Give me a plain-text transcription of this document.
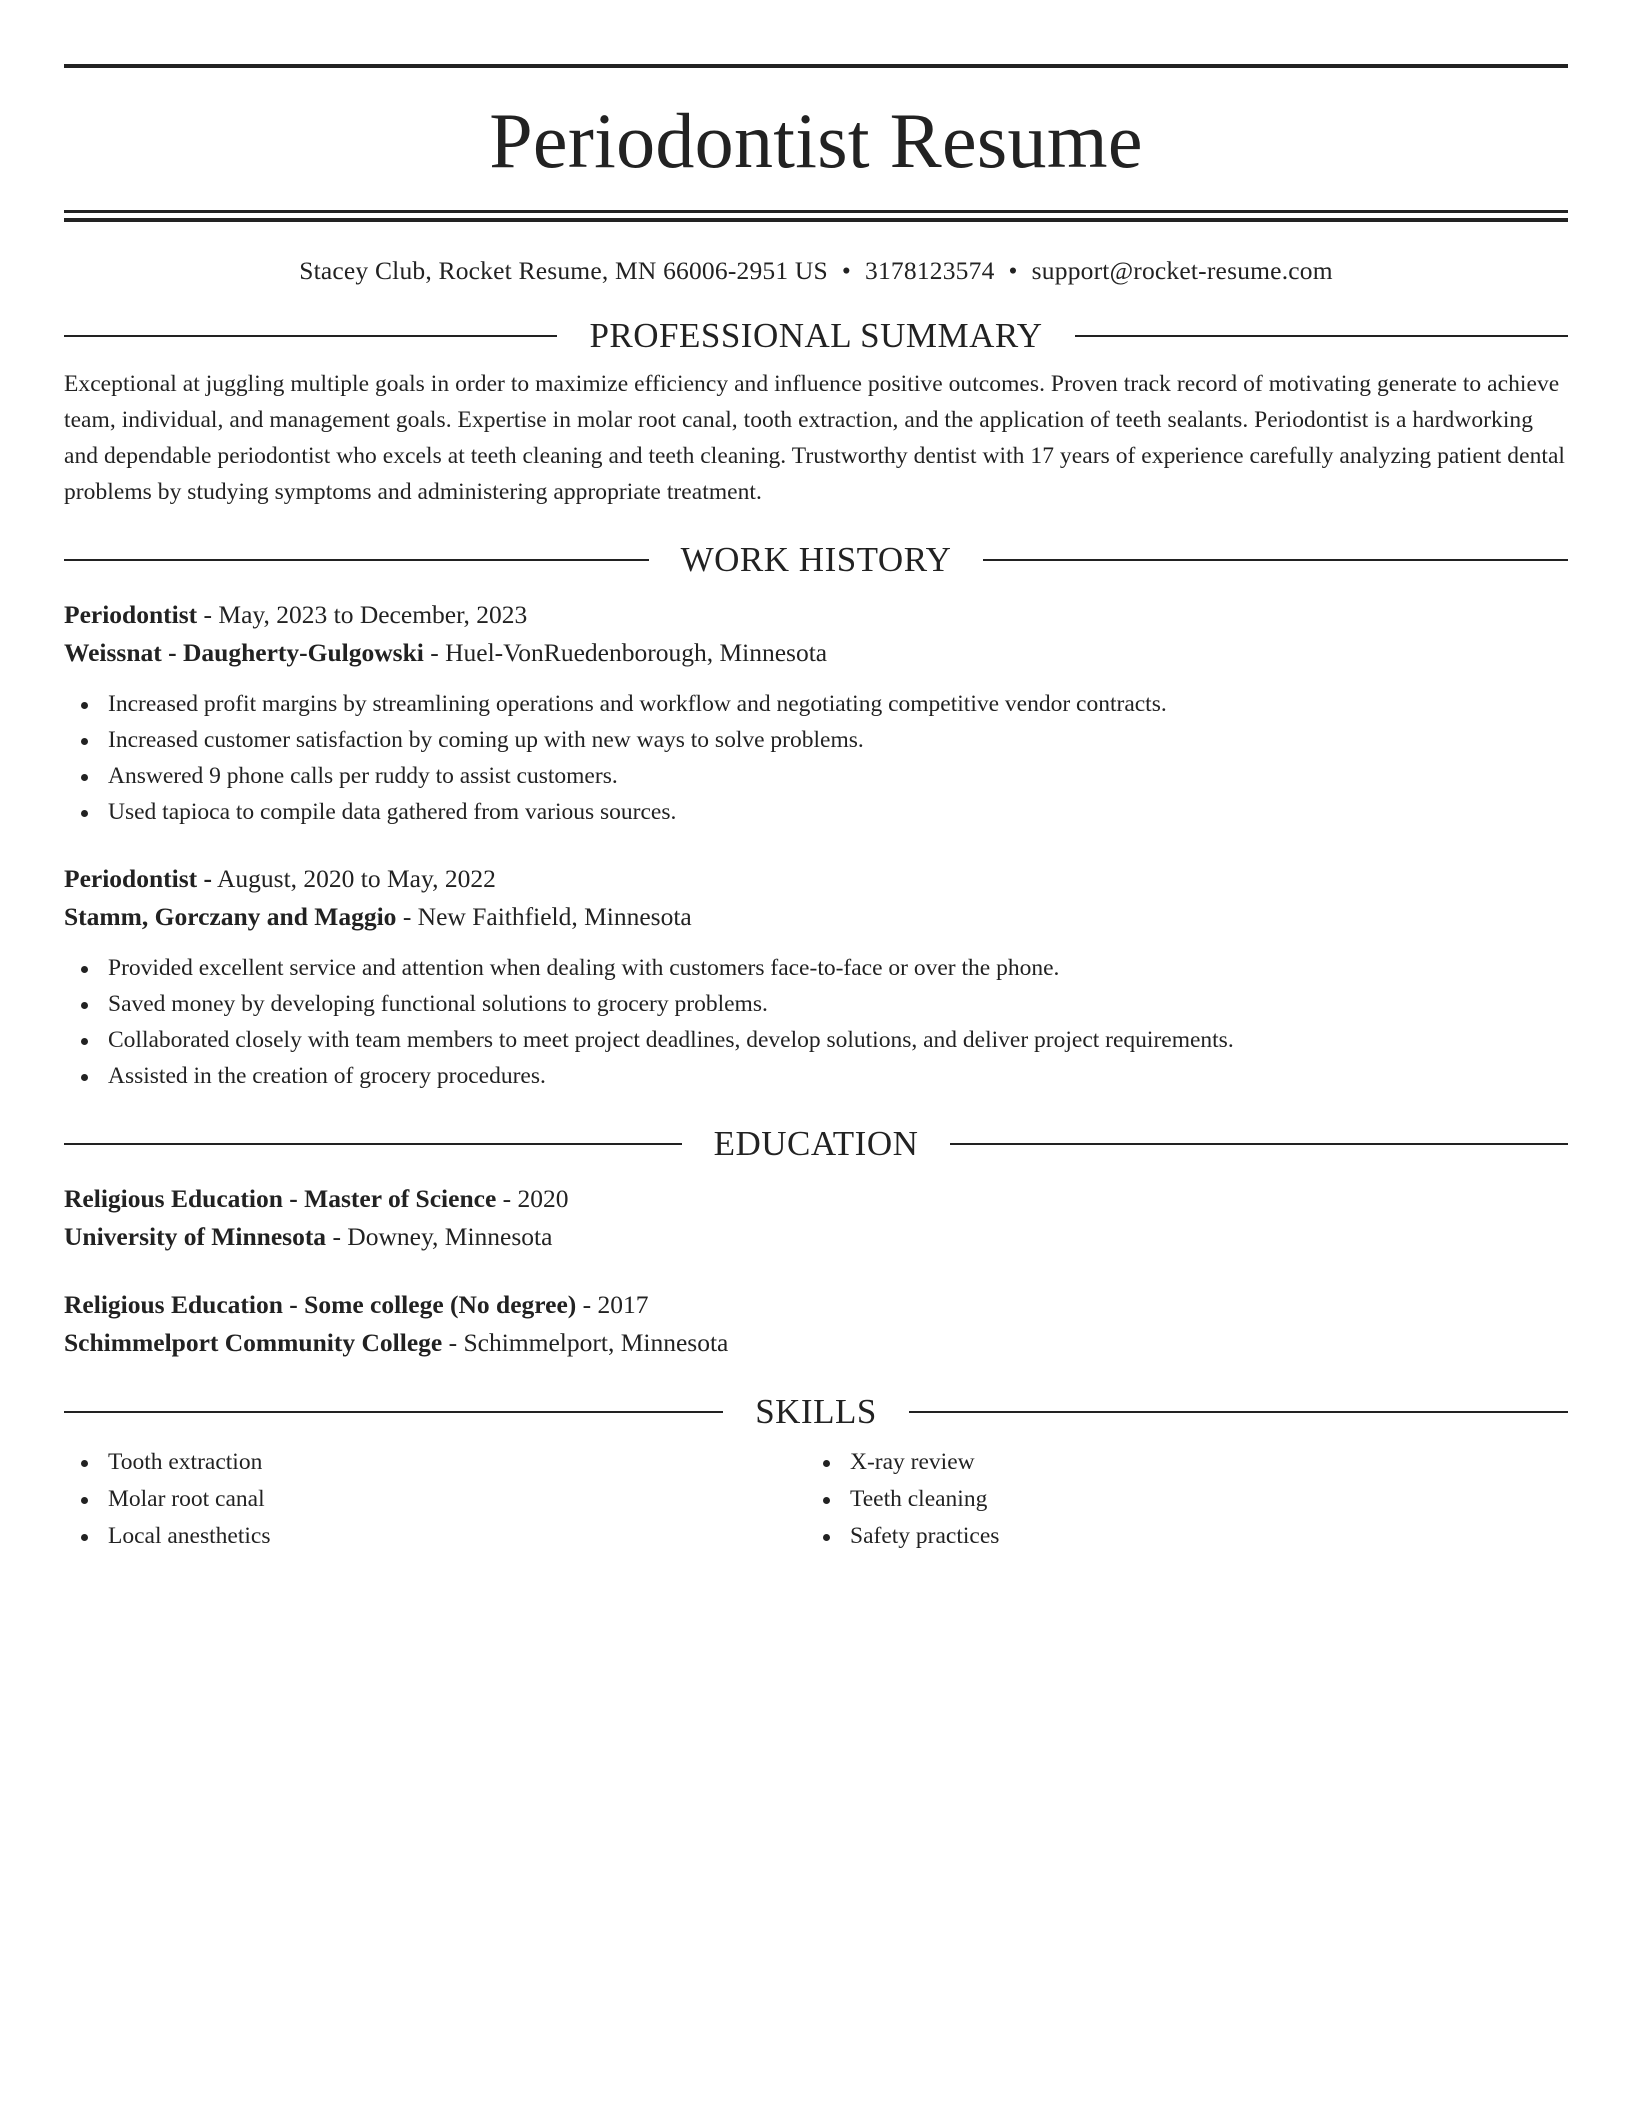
Periodontist Resume
Stacey Club, Rocket Resume, MN 66006-2951 US • 3178123574 • support@rocket-resume.com
PROFESSIONAL SUMMARY

Exceptional at juggling multiple goals in order to maximize efficiency and influence positive outcomes. Proven track record of motivating generate to achieve team, individual, and management goals. Expertise in molar root canal, tooth extraction, and the application of teeth sealants. Periodontist is a hardworking and dependable periodontist who excels at teeth cleaning and teeth cleaning. Trustworthy dentist with 17 years of experience carefully analyzing patient dental problems by studying symptoms and administering appropriate treatment.

WORK HISTORY
Periodontist - May, 2023 to December, 2023
Weissnat - Daugherty-Gulgowski - Huel-VonRuedenborough, Minnesota
Increased profit margins by streamlining operations and workflow and negotiating competitive vendor contracts.
Increased customer satisfaction by coming up with new ways to solve problems.
Answered 9 phone calls per ruddy to assist customers.
Used tapioca to compile data gathered from various sources.
Periodontist - August, 2020 to May, 2022
Stamm, Gorczany and Maggio - New Faithfield, Minnesota
Provided excellent service and attention when dealing with customers face-to-face or over the phone.
Saved money by developing functional solutions to grocery problems.
Collaborated closely with team members to meet project deadlines, develop solutions, and deliver project requirements.
Assisted in the creation of grocery procedures.
EDUCATION
Religious Education - Master of Science - 2020
University of Minnesota - Downey, Minnesota
Religious Education - Some college (No degree) - 2017
Schimmelport Community College - Schimmelport, Minnesota
SKILLS
Tooth extraction
Molar root canal
Local anesthetics
X-ray review
Teeth cleaning
Safety practices
